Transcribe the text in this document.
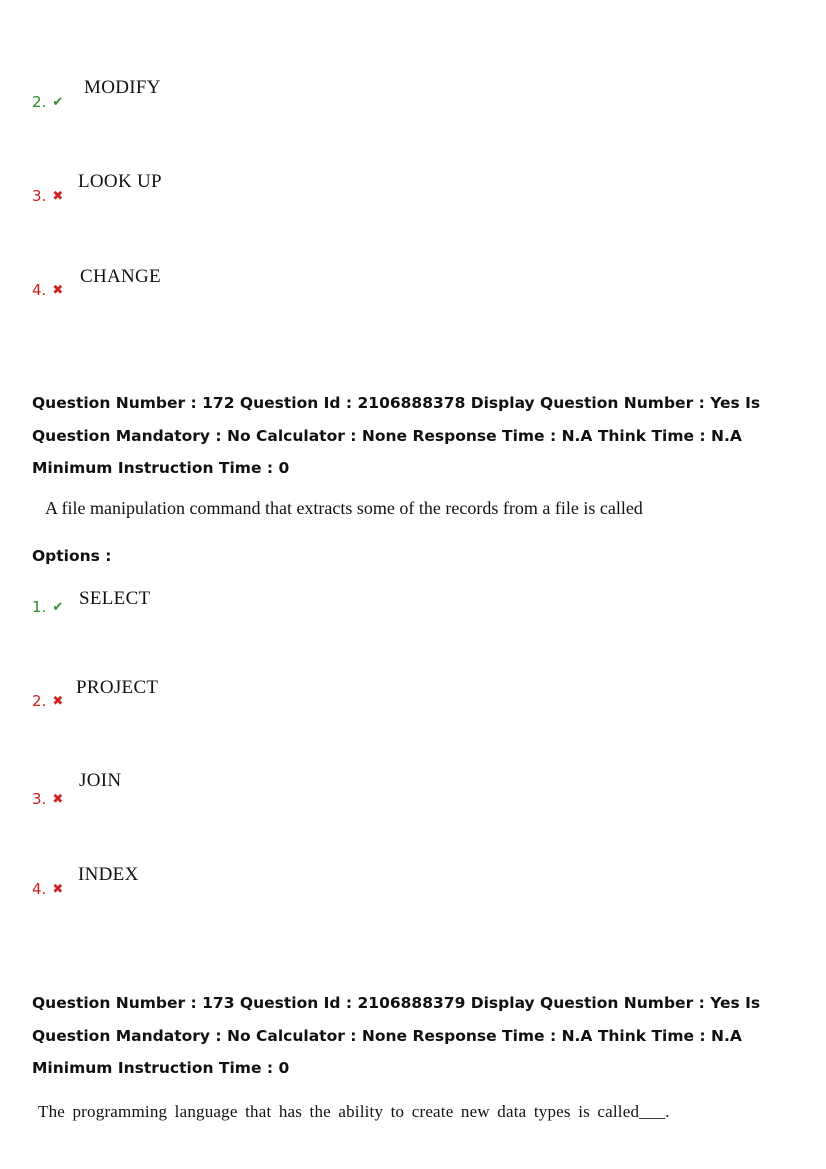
2. ✔
MODIFY
3. ✖
LOOK UP
4. ✖
CHANGE
Question Number : 172 Question Id : 2106888378 Display Question Number : Yes Is Question Mandatory : No Calculator : None Response Time : N.A Think Time : N.A Minimum Instruction Time : 0
A file manipulation command that extracts some of the records from a file is called
Options :
1. ✔ SELECT
2. ✖
PROJECT
3. ✖
JOIN
4. ✖
INDEX
Question Number : 173 Question Id : 2106888379 Display Question Number : Yes Is Question Mandatory : No Calculator : None Response Time : N.A Think Time : N.A Minimum Instruction Time : 0
The programming language that has the ability to create new data types is called___.
